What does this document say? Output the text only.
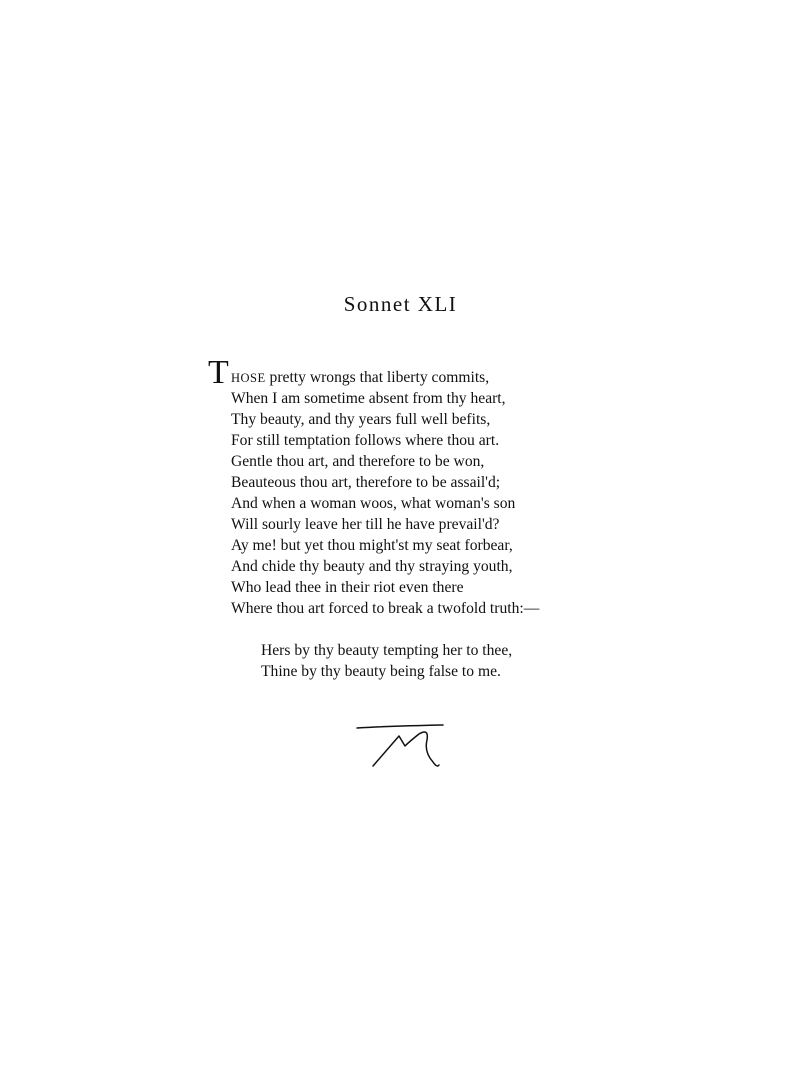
Sonnet XLI
T HOSE pretty wrongs that liberty commits,
When I am sometime absent from thy heart,
Thy beauty, and thy years full well befits,
For still temptation follows where thou art.
Gentle thou art, and therefore to be won,
Beauteous thou art, therefore to be assail'd;
And when a woman woos, what woman's son
Will sourly leave her till he have prevail'd?
Ay me! but yet thou might'st my seat forbear,
And chide thy beauty and thy straying youth,
Who lead thee in their riot even there
Where thou art forced to break a twofold truth:—
Hers by thy beauty tempting her to thee,
Thine by thy beauty being false to me.
